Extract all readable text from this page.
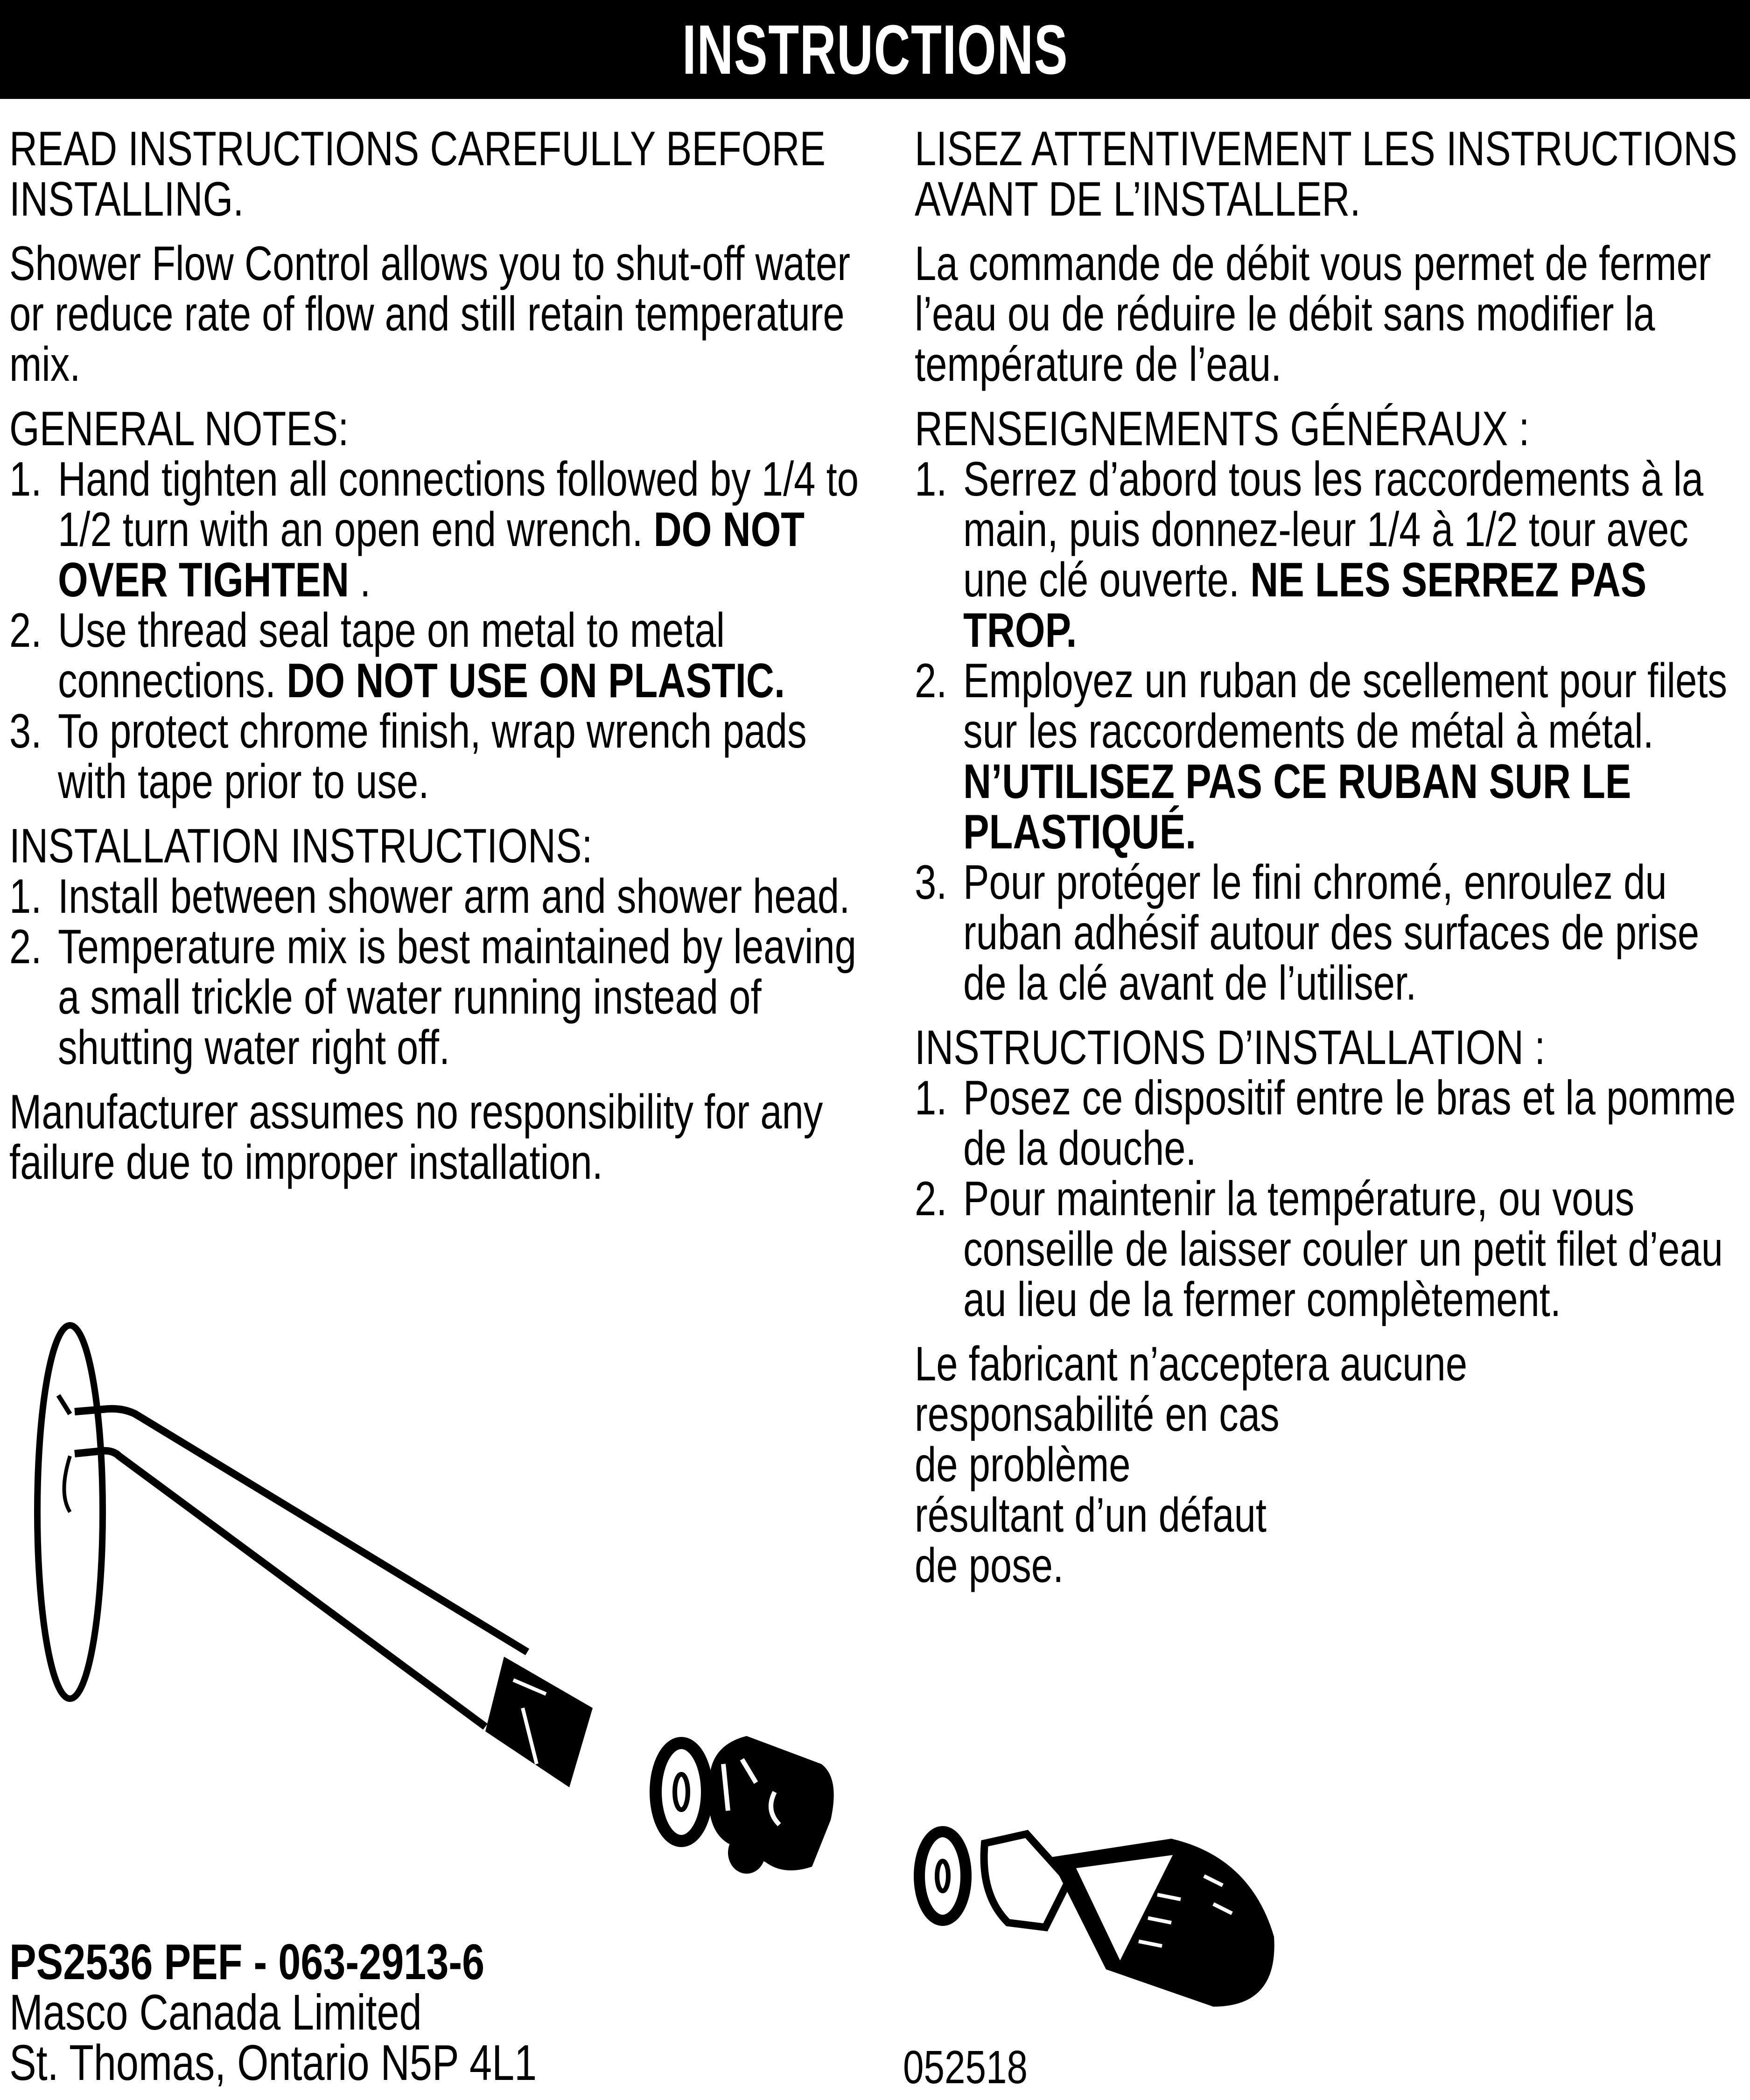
INSTRUCTIONS

READ INSTRUCTIONS CAREFULLY BEFORE INSTALLING.

Shower Flow Control allows you to shut-off water or reduce rate of flow and still retain temperature mix.

GENERAL NOTES:

1. Hand tighten all connections followed by 1/4 to 1/2 turn with an open end wrench. DO NOT OVER TIGHTEN .
2. Use thread seal tape on metal to metal connections. DO NOT USE ON PLASTIC.
3. To protect chrome finish, wrap wrench pads with tape prior to use.

INSTALLATION INSTRUCTIONS:

1. Install between shower arm and shower head.
2. Temperature mix is best maintained by leaving a small trickle of water running instead of shutting water right off.

Manufacturer assumes no responsibility for any failure due to improper installation.

LISEZ ATTENTIVEMENT LES INSTRUCTIONS AVANT DE L’INSTALLER.

La commande de débit vous permet de fermer l’eau ou de réduire le débit sans modifier la température de l’eau.

RENSEIGNEMENTS GÉNÉRAUX :

1. Serrez d’abord tous les raccordements à la main, puis donnez-leur 1/4 à 1/2 tour avec une clé ouverte. NE LES SERREZ PAS TROP.
2. Employez un ruban de scellement pour filets sur les raccordements de métal à métal. N’UTILISEZ PAS CE RUBAN SUR LE PLASTIQUÉ.
3. Pour protéger le fini chromé, enroulez du ruban adhésif autour des surfaces de prise de la clé avant de l’utiliser.

INSTRUCTIONS D’INSTALLATION :

1. Posez ce dispositif entre le bras et la pomme de la douche.
2. Pour maintenir la température, ou vous conseille de laisser couler un petit filet d’eau au lieu de la fermer complètement.
Le fabricant n’acceptera aucune
responsabilité en cas
de problème
résultant d’un défaut
de pose.
PS2536 PEF - 063-2913-6
Masco Canada Limited
St. Thomas, Ontario N5P 4L1	052518
